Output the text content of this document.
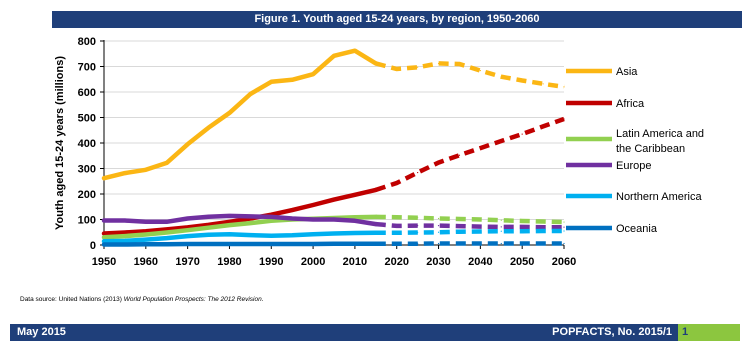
Figure 1. Youth aged 15-24 years, by region, 1950-2060
0
100
200
300
400
500
600
700
800
1950 1960 1970 1980 1990 2000 2010 2020 2030 2040 2050 2060
Asia
Africa
Latin America and the Caribbean
Europe
Northern America
Oceania
Youth aged 15-24 years (millions)
Data source: United Nations (2013) World Population Prospects: The 2012 Revision.
May 2015	POPFACTS, No. 2015/1 1
